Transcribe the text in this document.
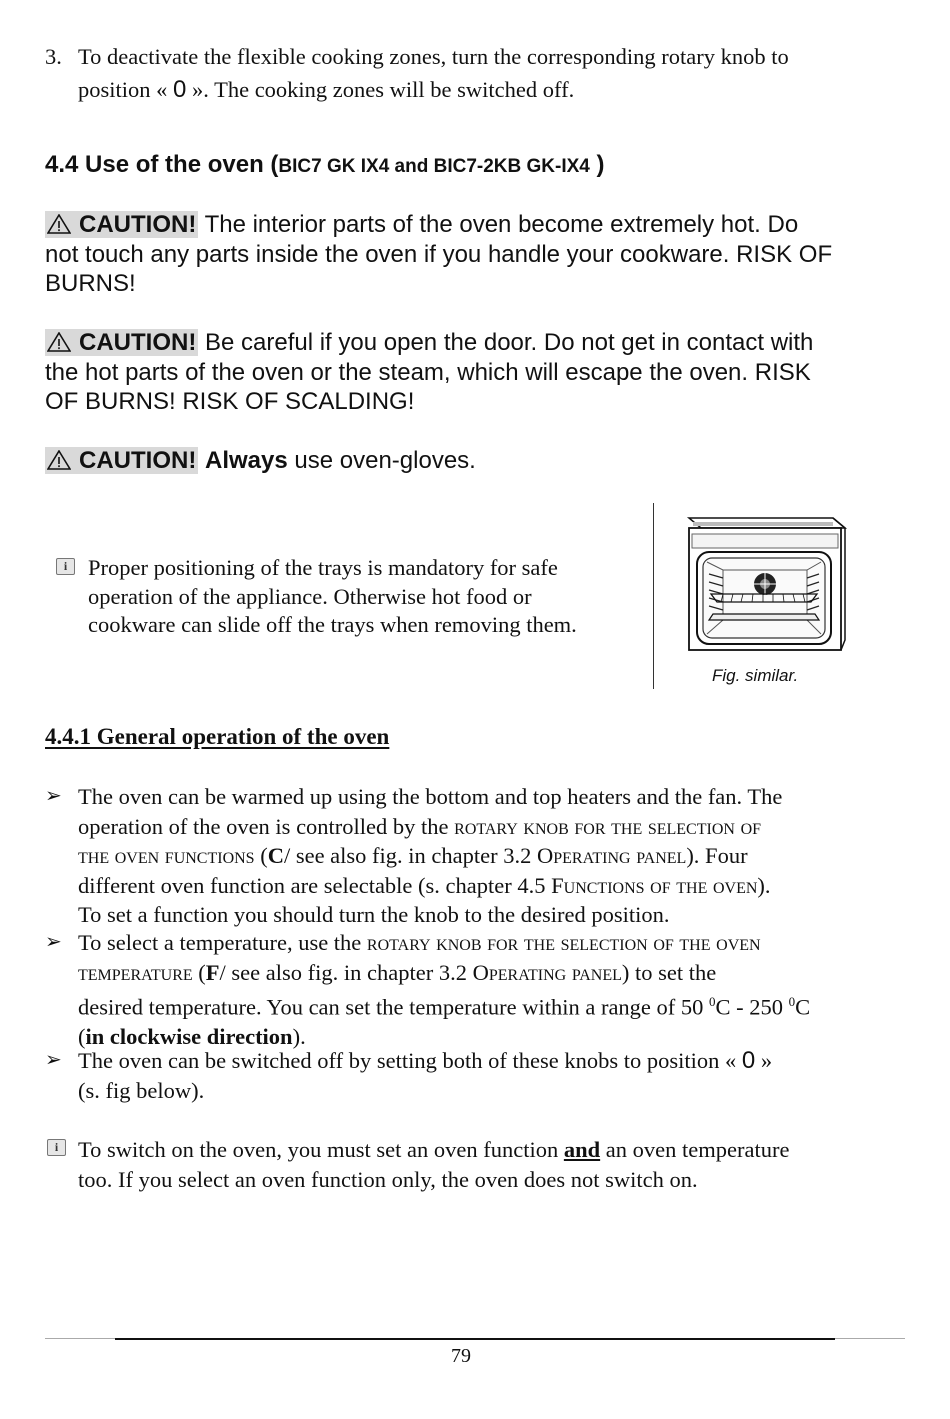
3. To deactivate the flexible cooking zones, turn the corresponding rotary knob to
position « 0 ». The cooking zones will be switched off.
4.4 Use of the oven (BIC7 GK IX4 and BIC7-2KB GK-IX4 )
CAUTION! The interior parts of the oven become extremely hot. Do
not touch any parts inside the oven if you handle your cookware. RISK OF
BURNS!
CAUTION! Be careful if you open the door. Do not get in contact with
the hot parts of the oven or the steam, which will escape the oven. RISK
OF BURNS! RISK OF SCALDING!
CAUTION! Always use oven-gloves.
i Proper positioning of the trays is mandatory for safe
operation of the appliance. Otherwise hot food or
cookware can slide off the trays when removing them.
Fig. similar.
4.4.1 General operation of the oven
➢ The oven can be warmed up using the bottom and top heaters and the fan. The
operation of the oven is controlled by the rotary knob for the selection of
the oven functions (C/ see also fig. in chapter 3.2 Operating panel). Four
different oven function are selectable (s. chapter 4.5 Functions of the oven).
To set a function you should turn the knob to the desired position.
➢ To select a temperature, use the rotary knob for the selection of the oven
temperature (F/ see also fig. in chapter 3.2 Operating panel) to set the
desired temperature. You can set the temperature within a range of 50 $^0$C - 250 $^0$C
(in clockwise direction).
➢ The oven can be switched off by setting both of these knobs to position « 0 »
(s. fig below).
i To switch on the oven, you must set an oven function and an oven temperature
too. If you select an oven function only, the oven does not switch on.
79
